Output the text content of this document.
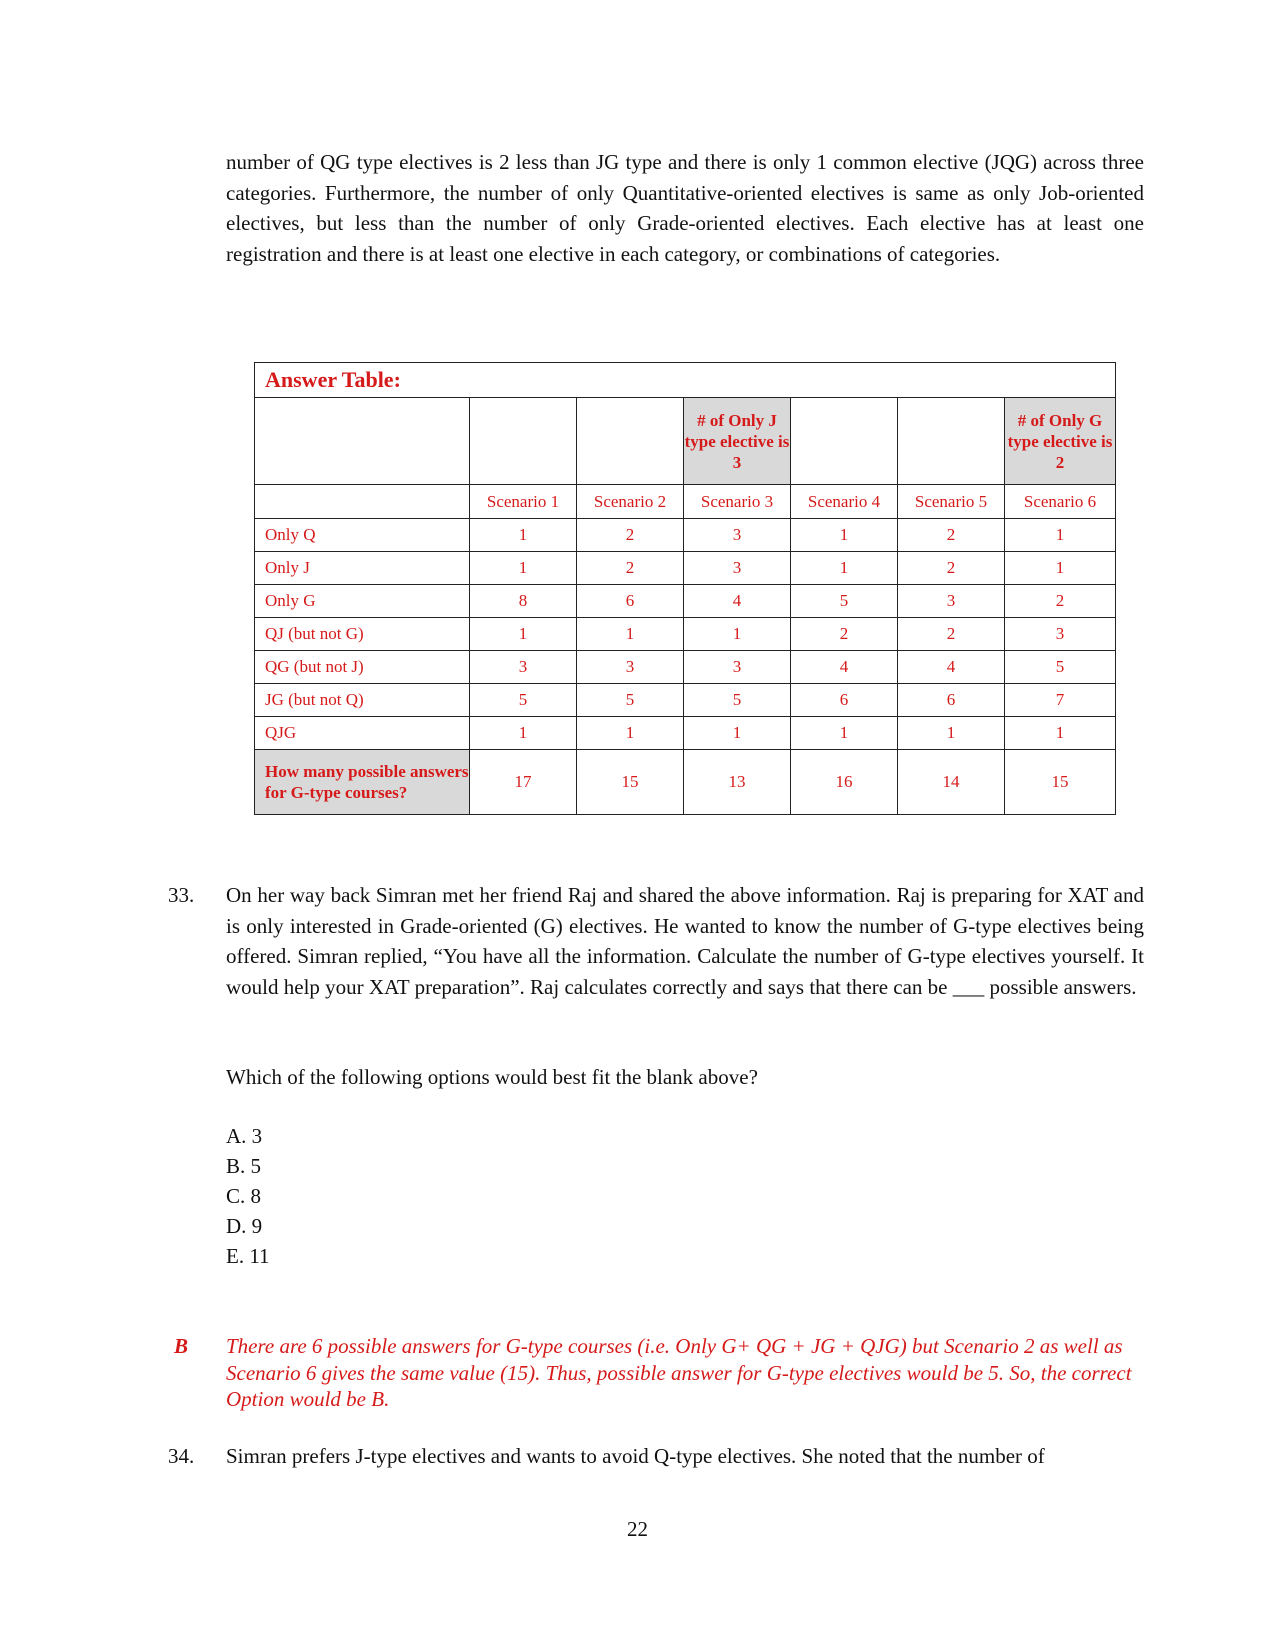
number of QG type electives is 2 less than JG type and there is only 1 common elective (JQG) across three categories. Furthermore, the number of only Quantitative-oriented electives is same as only Job-oriented electives, but less than the number of only Grade-oriented electives. Each elective has at least one registration and there is at least one elective in each category, or combinations of categories.

Answer Table:						
			# of Only J type elective is 3			# of Only G type elective is 2
	Scenario 1	Scenario 2	Scenario 3	Scenario 4	Scenario 5	Scenario 6
Only Q	1	2	3	1	2	1
Only J	1	2	3	1	2	1
Only G	8	6	4	5	3	2
QJ (but not G)	1	1	1	2	2	3
QG (but not J)	3	3	3	4	4	5
JG (but not Q)	5	5	5	6	6	7
QJG	1	1	1	1	1	1
How many possible answers for G-type courses?	17	15	13	16	14	15
33. On her way back Simran met her friend Raj and shared the above information. Raj is preparing for XAT and is only interested in Grade-oriented (G) electives. He wanted to know the number of G-type electives being offered. Simran replied, “You have all the information. Calculate the number of G-type electives yourself. It would help your XAT preparation”. Raj calculates correctly and says that there can be ___ possible answers.

Which of the following options would best fit the blank above?

A. 3
B. 5
C. 8
D. 9
E. 11
B There are 6 possible answers for G-type courses (i.e. Only G+ QG + JG + QJG) but Scenario 2 as well as Scenario 6 gives the same value (15). Thus, possible answer for G-type electives would be 5. So, the correct Option would be B.

34. Simran prefers J-type electives and wants to avoid Q-type electives. She noted that the number of

22
